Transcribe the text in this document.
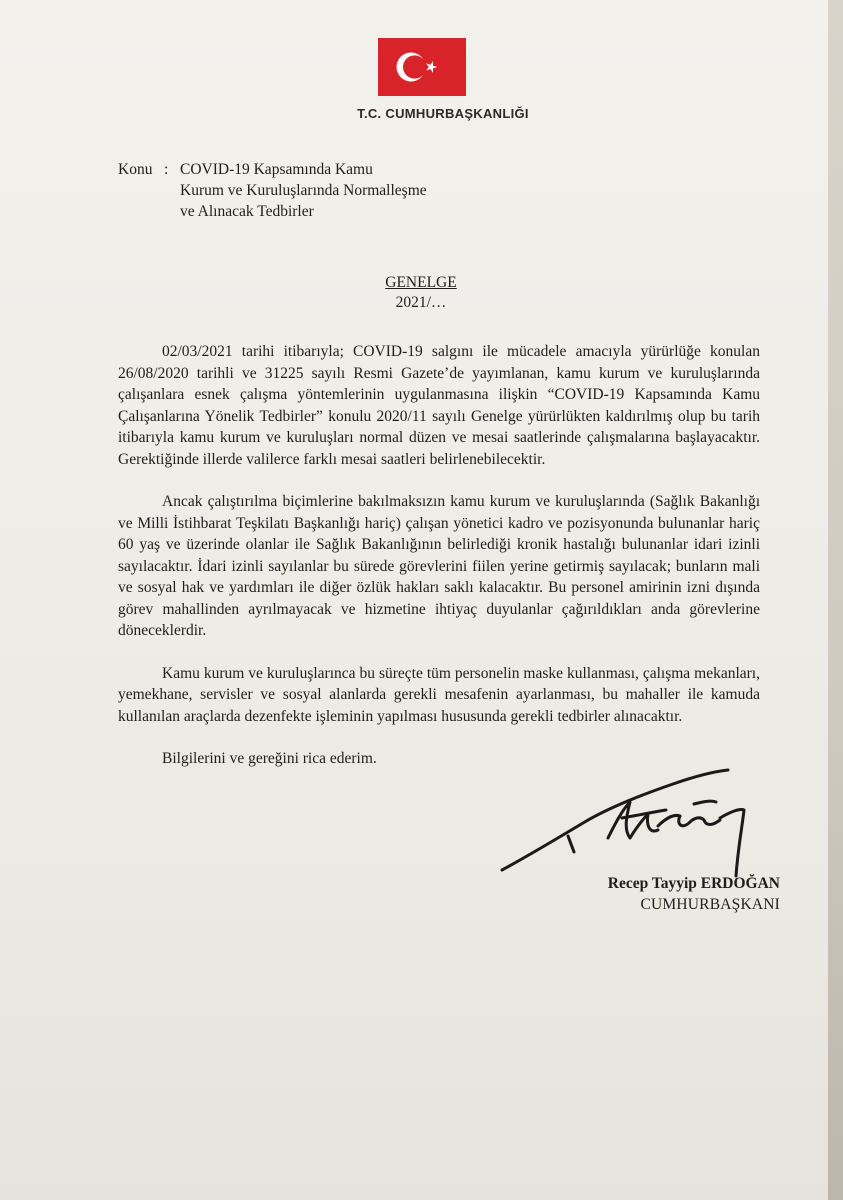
T.C. CUMHURBAŞKANLIĞI
Konu : COVID-19 Kapsamında Kamu
Kurum ve Kuruluşlarında Normalleşme
ve Alınacak Tedbirler
GENELGE
2021/…

02/03/2021 tarihi itibarıyla; COVID-19 salgını ile mücadele amacıyla yürürlüğe konulan 26/08/2020 tarihli ve 31225 sayılı Resmi Gazete’de yayımlanan, kamu kurum ve kuruluşlarında çalışanlara esnek çalışma yöntemlerinin uygulanmasına ilişkin “COVID-19 Kapsamında Kamu Çalışanlarına Yönelik Tedbirler” konulu 2020/11 sayılı Genelge yürürlükten kaldırılmış olup bu tarih itibarıyla kamu kurum ve kuruluşları normal düzen ve mesai saatlerinde çalışmalarına başlayacaktır. Gerektiğinde illerde valilerce farklı mesai saatleri belirlenebilecektir.

Ancak çalıştırılma biçimlerine bakılmaksızın kamu kurum ve kuruluşlarında (Sağlık Bakanlığı ve Milli İstihbarat Teşkilatı Başkanlığı hariç) çalışan yönetici kadro ve pozisyonunda bulunanlar hariç 60 yaş ve üzerinde olanlar ile Sağlık Bakanlığının belirlediği kronik hastalığı bulunanlar idari izinli sayılacaktır. İdari izinli sayılanlar bu sürede görevlerini fiilen yerine getirmiş sayılacak; bunların mali ve sosyal hak ve yardımları ile diğer özlük hakları saklı kalacaktır. Bu personel amirinin izni dışında görev mahallinden ayrılmayacak ve hizmetine ihtiyaç duyulanlar çağırıldıkları anda görevlerine döneceklerdir.

Kamu kurum ve kuruluşlarınca bu süreçte tüm personelin maske kullanması, çalışma mekanları, yemekhane, servisler ve sosyal alanlarda gerekli mesafenin ayarlanması, bu mahaller ile kamuda kullanılan araçlarda dezenfekte işleminin yapılması hususunda gerekli tedbirler alınacaktır.

Bilgilerini ve gereğini rica ederim.

Recep Tayyip ERDOĞAN
CUMHURBAŞKANI
